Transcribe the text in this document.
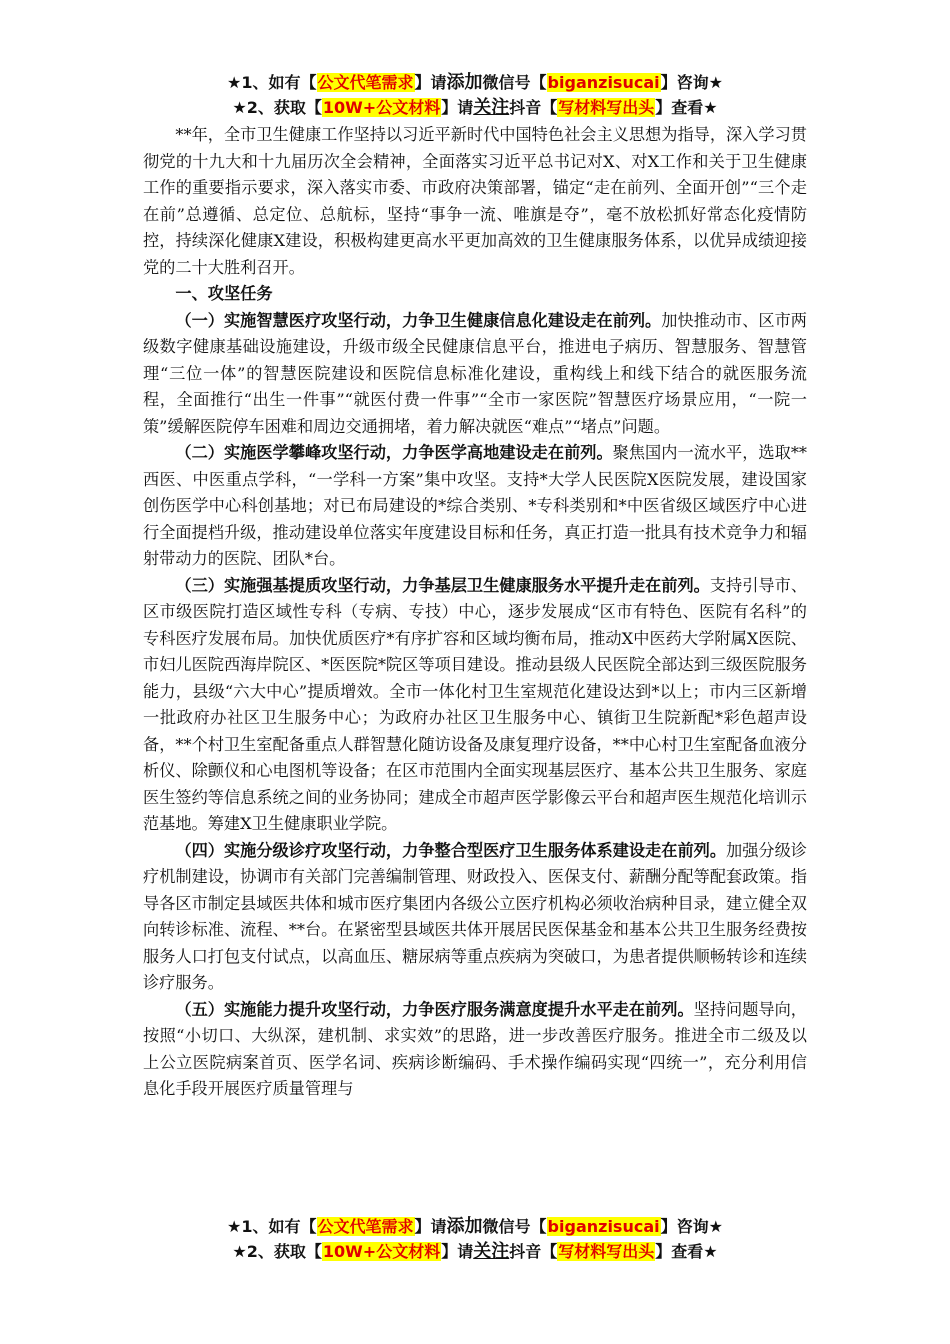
★1、如有【公文代笔需求】请添加微信号【biganzisucai】咨询★
★2、获取【10W+公文材料】请关注抖音【写材料写出头】查看★

**年，全市卫生健康工作坚持以习近平新时代中国特色社会主义思想为指导，深入学习贯彻党的十九大和十九届历次全会精神，全面落实习近平总书记对X、对X工作和关于卫生健康工作的重要指示要求，深入落实市委、市政府决策部署，锚定“走在前列、全面开创”“三个走在前”总遵循、总定位、总航标，坚持“事争一流、唯旗是夺”，毫不放松抓好常态化疫情防控，持续深化健康X建设，积极构建更高水平更加高效的卫生健康服务体系，以优异成绩迎接党的二十大胜利召开。

一、攻坚任务

（一）实施智慧医疗攻坚行动，力争卫生健康信息化建设走在前列。加快推动市、区市两级数字健康基础设施建设，升级市级全民健康信息平台，推进电子病历、智慧服务、智慧管理“三位一体”的智慧医院建设和医院信息标准化建设，重构线上和线下结合的就医服务流程，全面推行“出生一件事”“就医付费一件事”“全市一家医院”智慧医疗场景应用，“一院一策”缓解医院停车困难和周边交通拥堵，着力解决就医“难点”“堵点”问题。

（二）实施医学攀峰攻坚行动，力争医学高地建设走在前列。聚焦国内一流水平，选取**西医、中医重点学科，“一学科一方案”集中攻坚。支持*大学人民医院X医院发展，建设国家创伤医学中心科创基地；对已布局建设的*综合类别、*专科类别和*中医省级区域医疗中心进行全面提档升级，推动建设单位落实年度建设目标和任务，真正打造一批具有技术竞争力和辐射带动力的医院、团队*台。

（三）实施强基提质攻坚行动，力争基层卫生健康服务水平提升走在前列。支持引导市、区市级医院打造区域性专科（专病、专技）中心，逐步发展成“区市有特色、医院有名科”的专科医疗发展布局。加快优质医疗*有序扩容和区域均衡布局，推动X中医药大学附属X医院、市妇儿医院西海岸院区、*医医院*院区等项目建设。推动县级人民医院全部达到三级医院服务能力，县级“六大中心”提质增效。全市一体化村卫生室规范化建设达到*以上；市内三区新增一批政府办社区卫生服务中心；为政府办社区卫生服务中心、镇街卫生院新配*彩色超声设备，**个村卫生室配备重点人群智慧化随访设备及康复理疗设备，**中心村卫生室配备血液分析仪、除颤仪和心电图机等设备；在区市范围内全面实现基层医疗、基本公共卫生服务、家庭医生签约等信息系统之间的业务协同；建成全市超声医学影像云平台和超声医生规范化培训示范基地。筹建X卫生健康职业学院。

（四）实施分级诊疗攻坚行动，力争整合型医疗卫生服务体系建设走在前列。加强分级诊疗机制建设，协调市有关部门完善编制管理、财政投入、医保支付、薪酬分配等配套政策。指导各区市制定县域医共体和城市医疗集团内各级公立医疗机构必须收治病种目录，建立健全双向转诊标准、流程、**台。在紧密型县域医共体开展居民医保基金和基本公共卫生服务经费按服务人口打包支付试点，以高血压、糖尿病等重点疾病为突破口，为患者提供顺畅转诊和连续诊疗服务。

（五）实施能力提升攻坚行动，力争医疗服务满意度提升水平走在前列。坚持问题导向，按照“小切口、大纵深，建机制、求实效”的思路，进一步改善医疗服务。推进全市二级及以上公立医院病案首页、医学名词、疾病诊断编码、手术操作编码实现“四统一”，充分利用信息化手段开展医疗质量管理与

★1、如有【公文代笔需求】请添加微信号【biganzisucai】咨询★
★2、获取【10W+公文材料】请关注抖音【写材料写出头】查看★
